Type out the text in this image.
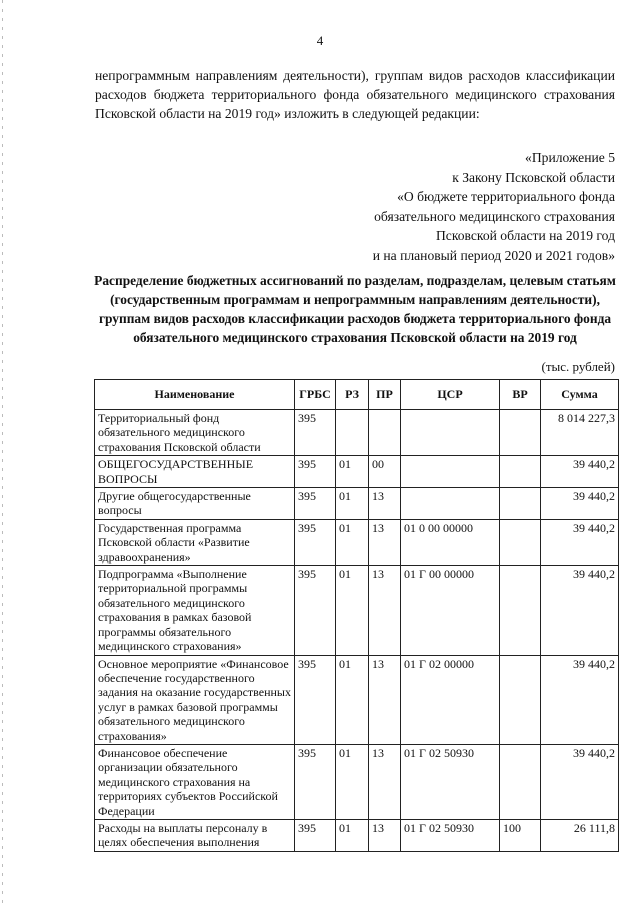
4
непрограммным направлениям деятельности), группам видов расходов классификации расходов бюджета территориального фонда обязательного медицинского страхования Псковской области на 2019 год» изложить в следующей редакции:
«Приложение 5
к Закону Псковской области
«О бюджете территориального фонда
обязательного медицинского страхования
Псковской области на 2019 год
и на плановый период 2020 и 2021 годов»
Распределение бюджетных ассигнований по разделам, подразделам, целевым статьям (государственным программам и непрограммным направлениям деятельности), группам видов расходов классификации расходов бюджета территориального фонда обязательного медицинского страхования Псковской области на 2019 год
(тыс. рублей)
Наименование	ГРБС	РЗ	ПР	ЦСР	ВР	Сумма
Территориальный фонд обязательного медицинского страхования Псковской области	395					8 014 227,3
ОБЩЕГОСУДАРСТВЕННЫЕ ВОПРОСЫ	395	01	00			39 440,2
Другие общегосударственные вопросы	395	01	13			39 440,2
Государственная программа Псковской области «Развитие здравоохранения»	395	01	13	01 0 00 00000		39 440,2
Подпрограмма «Выполнение территориальной программы обязательного медицинского страхования в рамках базовой программы обязательного медицинского страхования»	395	01	13	01 Г 00 00000		39 440,2
Основное мероприятие «Финансовое обеспечение государственного задания на оказание государственных услуг в рамках базовой программы обязательного медицинского страхования»	395	01	13	01 Г 02 00000		39 440,2
Финансовое обеспечение организации обязательного медицинского страхования на территориях субъектов Российской Федерации	395	01	13	01 Г 02 50930		39 440,2
Расходы на выплаты персоналу в целях обеспечения выполнения	395	01	13	01 Г 02 50930	100	26 111,8
